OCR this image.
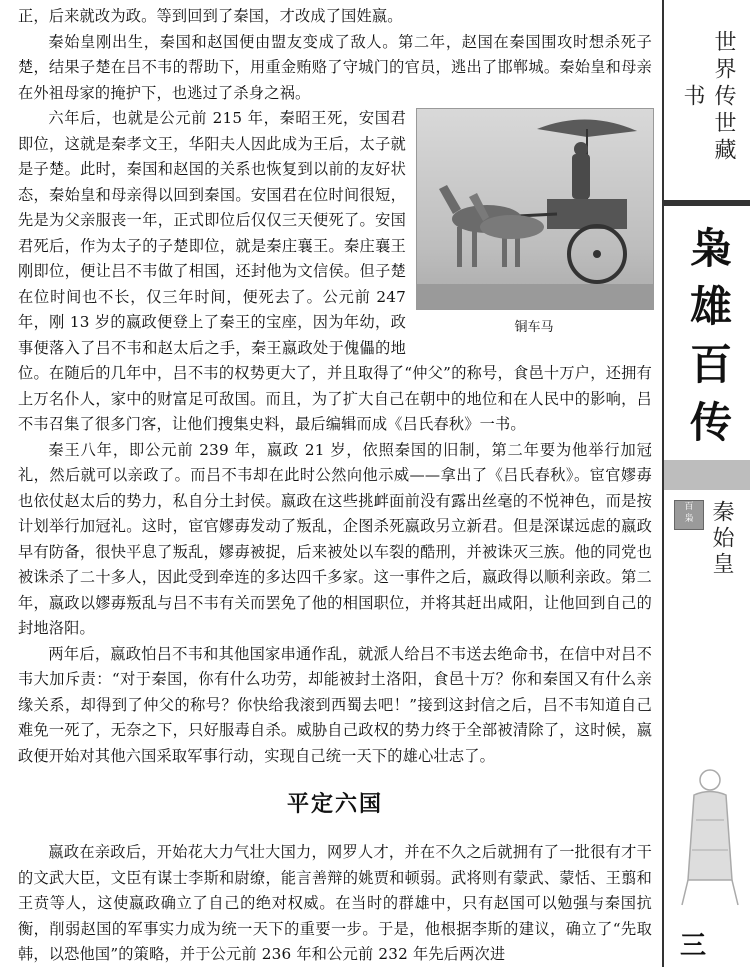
正，后来就改为政。等到回到了秦国，才改成了国姓嬴。

秦始皇刚出生，秦国和赵国便由盟友变成了敌人。第二年，赵国在秦国围攻时想杀死子楚，结果子楚在吕不韦的帮助下，用重金贿赂了守城门的官员，逃出了邯郸城。秦始皇和母亲在外祖母家的掩护下，也逃过了杀身之祸。

铜车马

六年后，也就是公元前 215 年，秦昭王死，安国君即位，这就是秦孝文王，华阳夫人因此成为王后，太子就是子楚。此时，秦国和赵国的关系也恢复到以前的友好状态，秦始皇和母亲得以回到秦国。安国君在位时间很短，先是为父亲服丧一年，正式即位后仅仅三天便死了。安国君死后，作为太子的子楚即位，就是秦庄襄王。秦庄襄王刚即位，便让吕不韦做了相国，还封他为文信侯。但子楚在位时间也不长，仅三年时间，便死去了。公元前 247 年，刚 13 岁的嬴政便登上了秦王的宝座，因为年幼，政事便落入了吕不韦和赵太后之手，秦王嬴政处于傀儡的地位。在随后的几年中，吕不韦的权势更大了，并且取得了“仲父”的称号，食邑十万户，还拥有上万名仆人，家中的财富足可敌国。而且，为了扩大自己在朝中的地位和在人民中的影响，吕不韦召集了很多门客，让他们搜集史料，最后编辑而成《吕氏春秋》一书。

秦王八年，即公元前 239 年，嬴政 21 岁，依照秦国的旧制，第二年要为他举行加冠礼，然后就可以亲政了。而吕不韦却在此时公然向他示威——拿出了《吕氏春秋》。宦官嫪毐也依仗赵太后的势力，私自分土封侯。嬴政在这些挑衅面前没有露出丝毫的不悦神色，而是按计划举行加冠礼。这时，宦官嫪毐发动了叛乱，企图杀死嬴政另立新君。但是深谋远虑的嬴政早有防备，很快平息了叛乱，嫪毐被捉，后来被处以车裂的酷刑，并被诛灭三族。他的同党也被诛杀了二十多人，因此受到牵连的多达四千多家。这一事件之后，嬴政得以顺利亲政。第二年，嬴政以嫪毐叛乱与吕不韦有关而罢免了他的相国职位，并将其赶出咸阳，让他回到自己的封地洛阳。

两年后，嬴政怕吕不韦和其他国家串通作乱，就派人给吕不韦送去绝命书，在信中对吕不韦大加斥责：“对于秦国，你有什么功劳，却能被封土洛阳，食邑十万？你和秦国又有什么亲缘关系，却得到了仲父的称号？你快给我滚到西蜀去吧！”接到这封信之后，吕不韦知道自己难免一死了，无奈之下，只好服毒自杀。威胁自己政权的势力终于全部被清除了，这时候，嬴政便开始对其他六国采取军事行动，实现自己统一天下的雄心壮志了。

平定六国

嬴政在亲政后，开始花大力气壮大国力，网罗人才，并在不久之后就拥有了一批很有才干的文武大臣，文臣有谋士李斯和尉缭，能言善辩的姚贾和顿弱。武将则有蒙武、蒙恬、王翦和王贲等人，这使嬴政确立了自己的绝对权威。在当时的群雄中，只有赵国可以勉强与秦国抗衡，削弱赵国的军事实力成为统一天下的重要一步。于是，他根据李斯的建议，确立了“先取韩，以恐他国”的策略，并于公元前 236 年和公元前 232 年先后两次进

世界传世藏书
枭雄百传
百
枭 秦始皇
三
